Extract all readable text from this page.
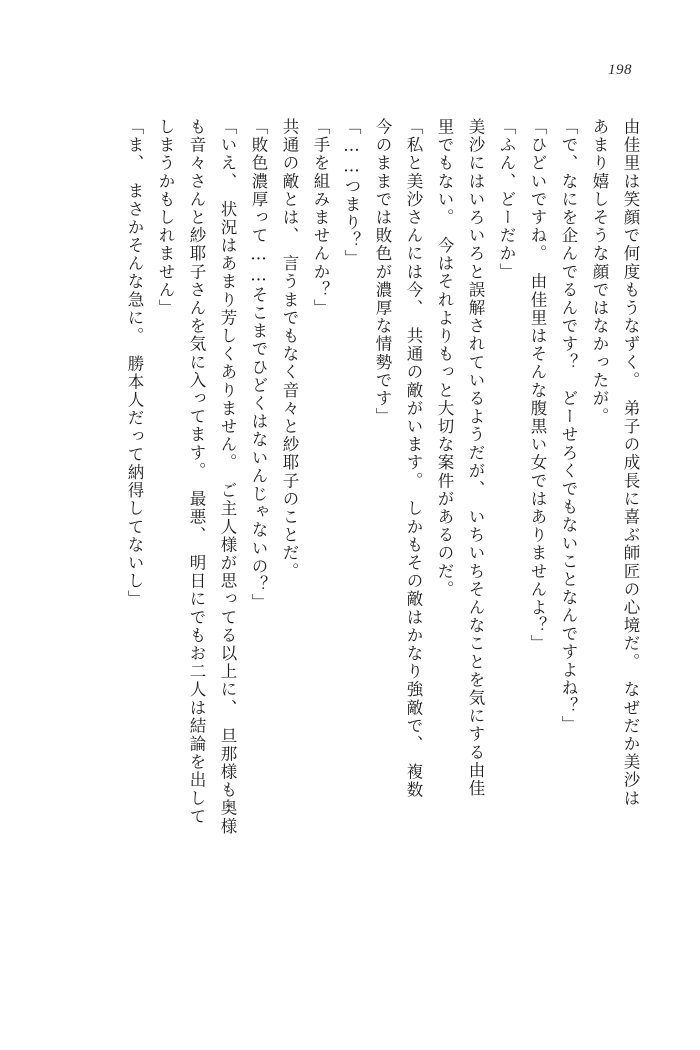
198
由佳里は笑顔で何度もうなずく。　弟子の成長に喜ぶ師匠の心境だ。　なぜだか美沙は
あまり嬉しそうな顔ではなかったが。
「で、なにを企んでるんです？　どーせろくでもないことなんですよね？」
「ひどいですね。　由佳里はそんな腹黒い女ではありませんよ？」
「ふん、どーだか」
美沙にはいろいろと誤解されているようだが、　いちいちそんなことを気にする由佳
里でもない。　今はそれよりもっと大切な案件があるのだ。
「私と美沙さんには今、　共通の敵がいます。　しかもその敵はかなり強敵で、　複数
今のままでは敗色が濃厚な情勢です」
「……つまり？」
「手を組みませんか？」
共通の敵とは、　言うまでもなく音々と紗耶子のことだ。
「敗色濃厚って……そこまでひどくはないんじゃないの？」
「いえ、　状況はあまり芳しくありません。　ご主人様が思ってる以上に、　旦那様も奥様
も音々さんと紗耶子さんを気に入ってます。　最悪、　明日にでもお二人は結論を出して
しまうかもしれません」
「ま、　まさかそんな急に。　勝本人だって納得してないし」
